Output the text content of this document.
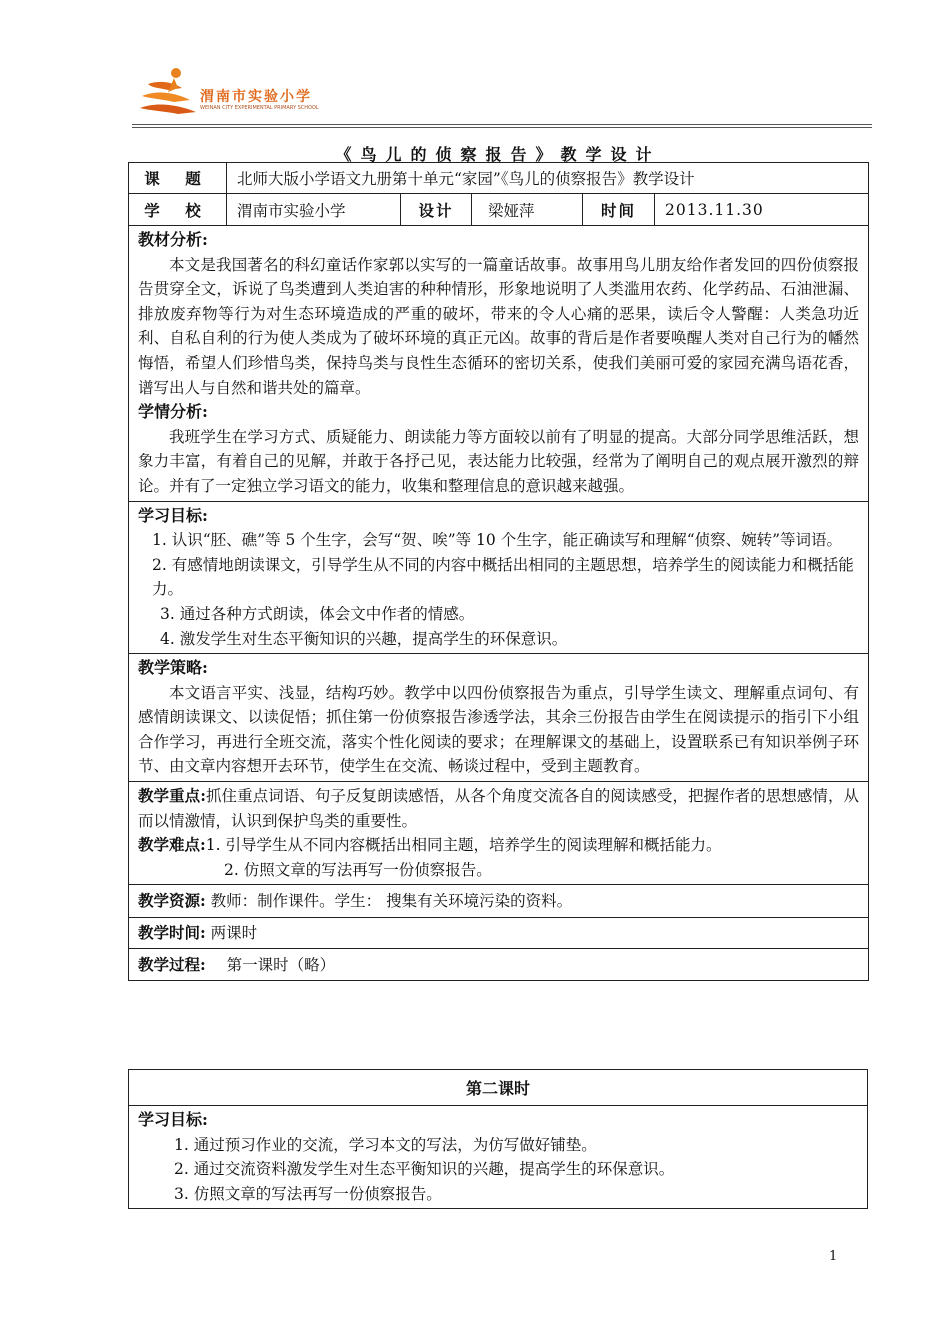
渭南市实验小学
WEINAN CITY EXPERIMENTAL PRIMARY SCHOOL
《鸟儿的侦察报告》教学设计
课 题	北师大版小学语文九册第十单元“家园”《鸟儿的侦察报告》教学设计				
学 校	渭南市实验小学	设计	梁娅萍	时间	2013.11.30

教材分析:
本文是我国著名的科幻童话作家郭以实写的一篇童话故事。故事用鸟儿朋友给作者发回的四份侦察报告贯穿全文，诉说了鸟类遭到人类迫害的种种情形，形象地说明了人类滥用农药、化学药品、石油泄漏、排放废弃物等行为对生态环境造成的严重的破坏，带来的令人心痛的恶果，读后令人警醒：人类急功近利、自私自利的行为使人类成为了破坏环境的真正元凶。故事的背后是作者要唤醒人类对自己行为的幡然悔悟，希望人们珍惜鸟类，保持鸟类与良性生态循环的密切关系，使我们美丽可爱的家园充满鸟语花香，谱写出人与自然和谐共处的篇章。
学情分析:
我班学生在学习方式、质疑能力、朗读能力等方面较以前有了明显的提高。大部分同学思维活跃，想象力丰富，有着自己的见解，并敢于各抒己见，表达能力比较强，经常为了阐明自己的观点展开激烈的辩论。并有了一定独立学习语文的能力，收集和整理信息的意识越来越强。					

学习目标:
1. 认识“胚、礁”等 5 个生字，会写“贺、唉”等 10 个生字，能正确读写和理解“侦察、婉转”等词语。
2. 有感情地朗读课文，引导学生从不同的内容中概括出相同的主题思想，培养学生的阅读能力和概括能力。
3. 通过各种方式朗读，体会文中作者的情感。
4. 激发学生对生态平衡知识的兴趣，提高学生的环保意识。					

教学策略:
本文语言平实、浅显，结构巧妙。教学中以四份侦察报告为重点，引导学生读文、理解重点词句、有感情朗读课文、以读促悟；抓住第一份侦察报告渗透学法，其余三份报告由学生在阅读提示的指引下小组合作学习，再进行全班交流，落实个性化阅读的要求；在理解课文的基础上，设置联系已有知识举例子环节、由文章内容想开去环节，使学生在交流、畅谈过程中，受到主题教育。					

教学重点:抓住重点词语、句子反复朗读感悟，从各个角度交流各自的阅读感受，把握作者的思想感情，从而以情激情，认识到保护鸟类的重要性。
教学难点:1. 引导学生从不同内容概括出相同主题，培养学生的阅读理解和概括能力。
2. 仿照文章的写法再写一份侦察报告。					

教学资源: 教师：制作课件。学生： 搜集有关环境污染的资料。					
教学时间: 两课时					
教学过程: 第一课时（略）					
第二课时

学习目标:
1. 通过预习作业的交流，学习本文的写法，为仿写做好铺垫。
2. 通过交流资料激发学生对生态平衡知识的兴趣，提高学生的环保意识。
3. 仿照文章的写法再写一份侦察报告。
1
